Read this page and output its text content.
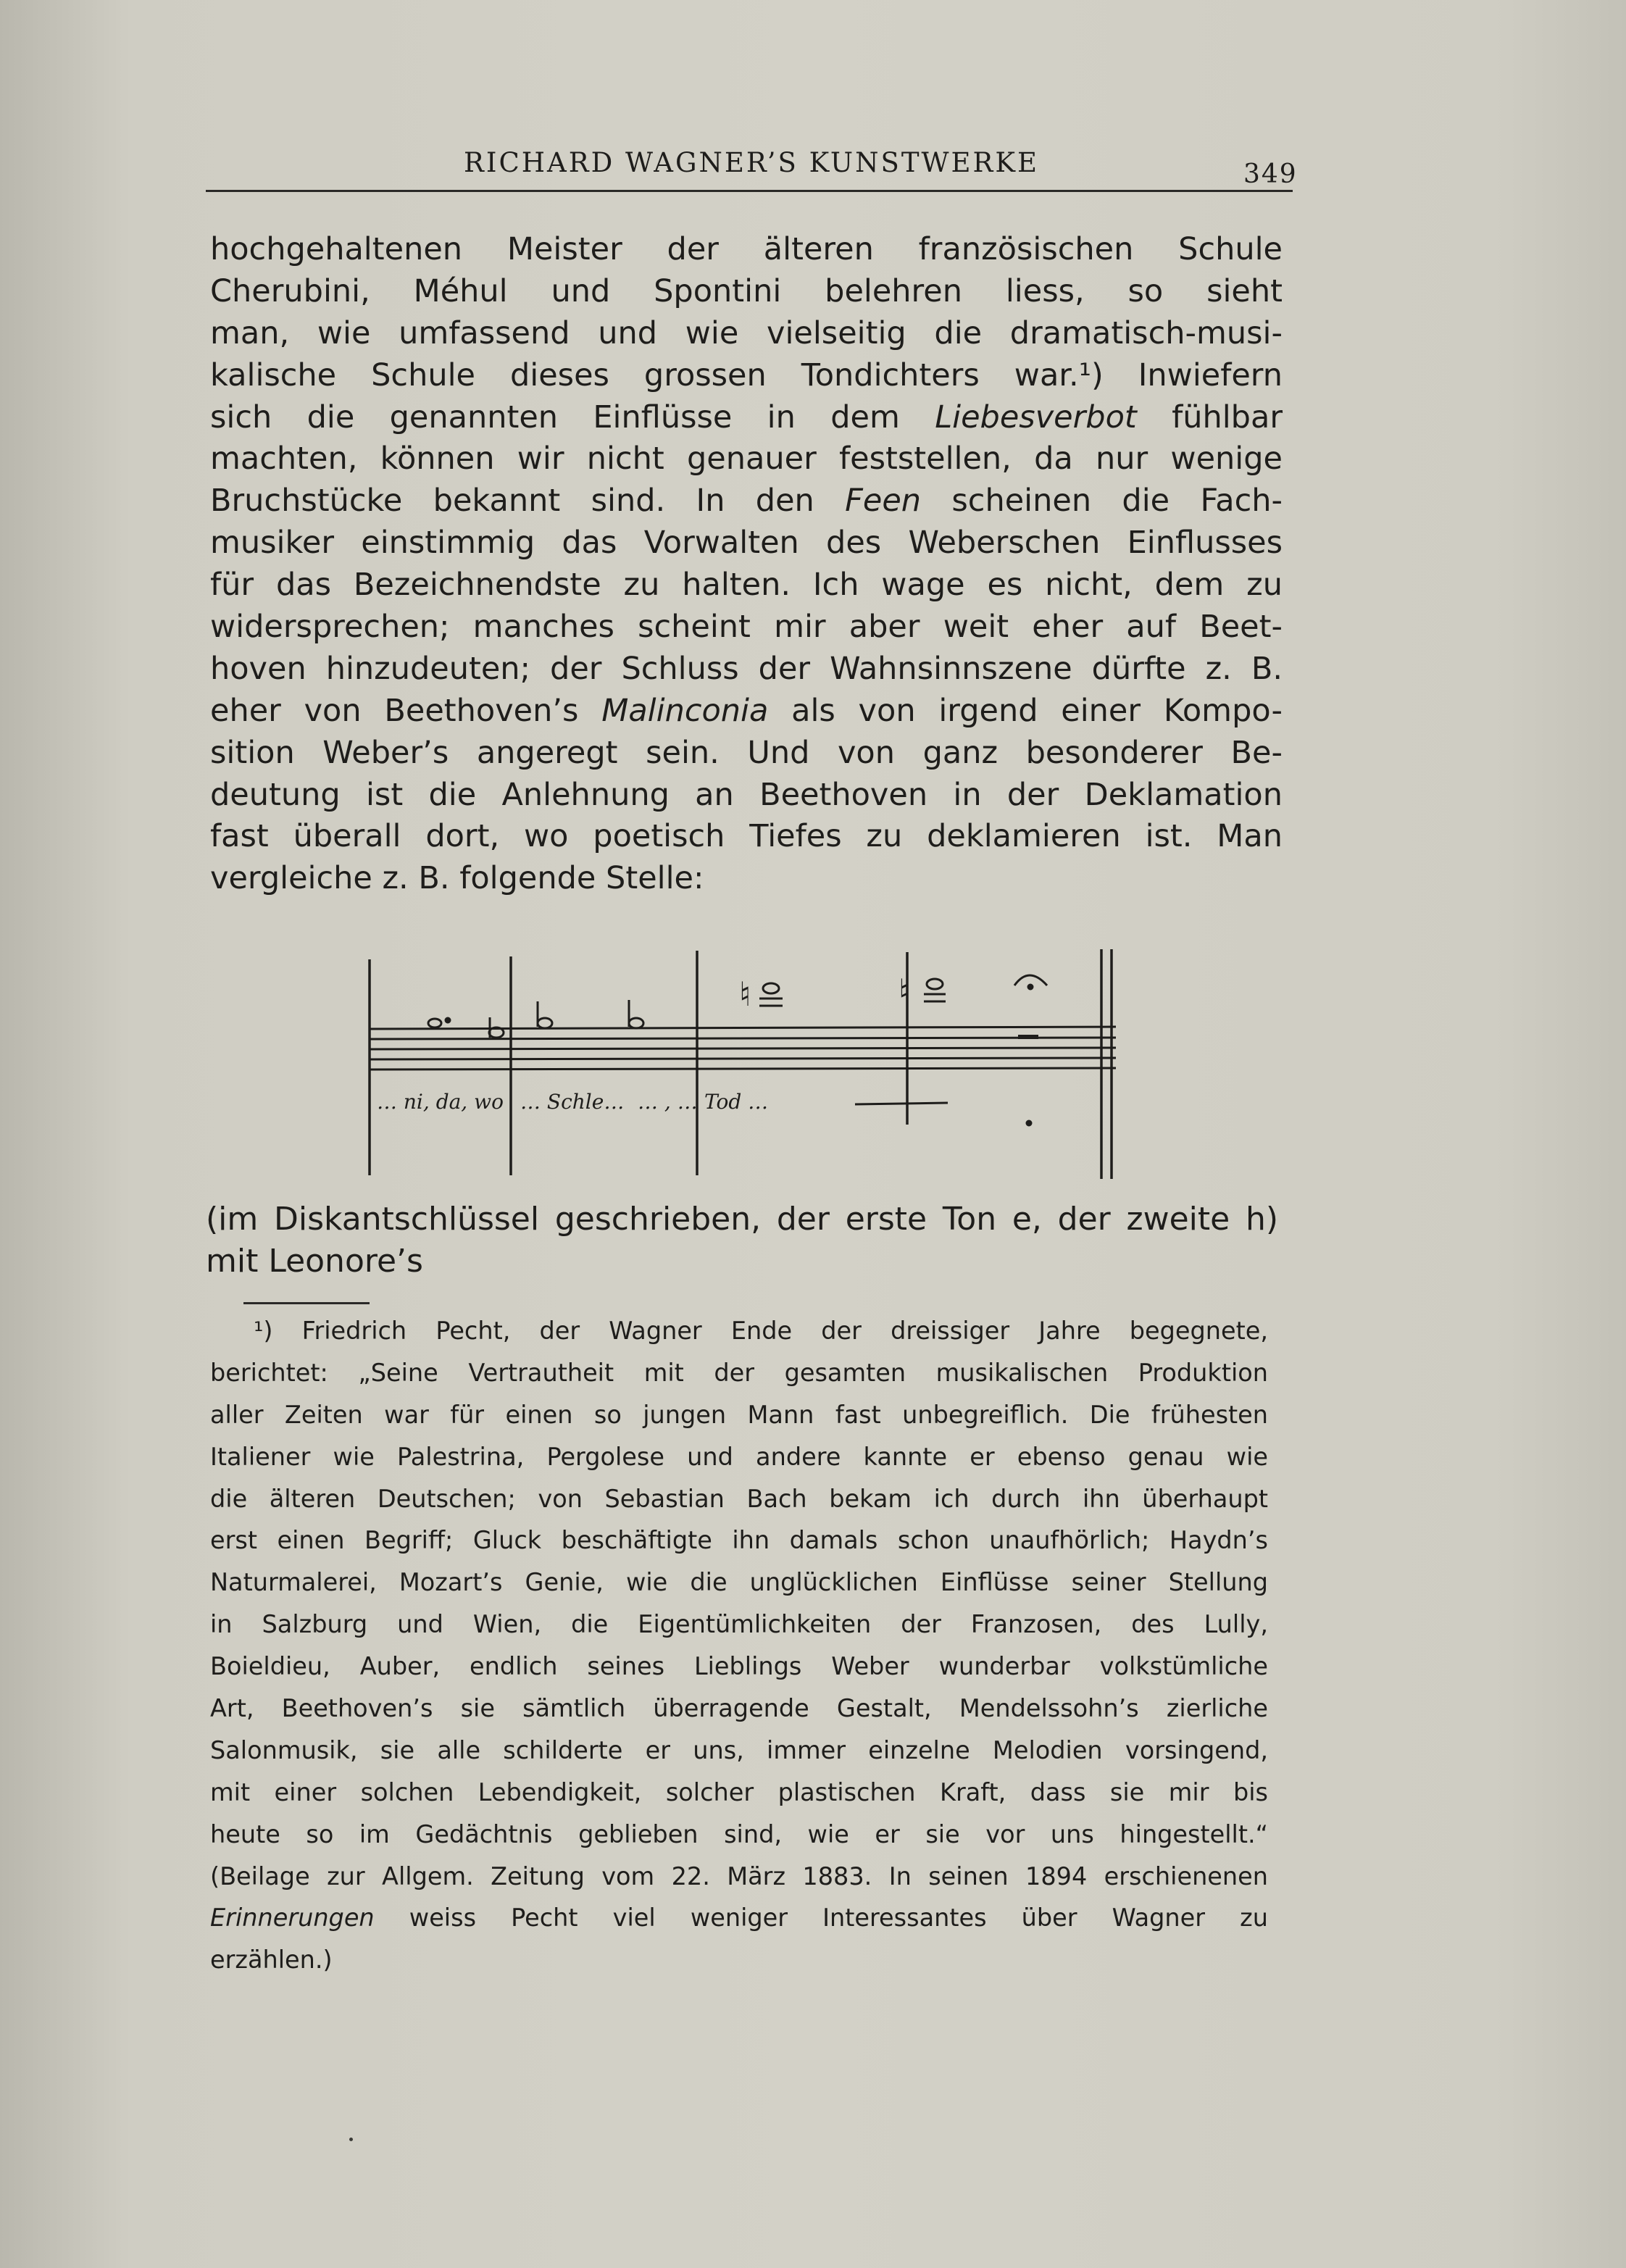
RICHARD WAGNER’S KUNSTWERKE	349
hochgehaltenen Meister der älteren französischen Schule
Cherubini, Méhul und Spontini belehren liess, so sieht
man, wie umfassend und wie vielseitig die dramatisch-musi-
kalische Schule dieses grossen Tondichters war.¹) Inwiefern
sich die genannten Einflüsse in dem Liebesverbot fühlbar
machten, können wir nicht genauer feststellen, da nur wenige
Bruchstücke bekannt sind. In den Feen scheinen die Fach-
musiker einstimmig das Vorwalten des Weberschen Einflusses
für das Bezeichnendste zu halten. Ich wage es nicht, dem zu
widersprechen; manches scheint mir aber weit eher auf Beet-
hoven hinzudeuten; der Schluss der Wahnsinnszene dürfte z. B.
eher von Beethoven’s Malinconia als von irgend einer Kompo-
sition Weber’s angeregt sein. Und von ganz besonderer Be-
deutung ist die Anlehnung an Beethoven in der Deklamation
fast überall dort, wo poetisch Tiefes zu deklamieren ist. Man
vergleiche z. B. folgende Stelle:
♮	♮
… ni, da, wo … Schle… … , … Tod …
(im Diskantschlüssel geschrieben, der erste Ton e, der zweite h)
mit Leonore’s
¹) Friedrich Pecht, der Wagner Ende der dreissiger Jahre begegnete,
berichtet: „Seine Vertrautheit mit der gesamten musikalischen Produktion
aller Zeiten war für einen so jungen Mann fast unbegreiflich. Die frühesten
Italiener wie Palestrina, Pergolese und andere kannte er ebenso genau wie
die älteren Deutschen; von Sebastian Bach bekam ich durch ihn überhaupt
erst einen Begriff; Gluck beschäftigte ihn damals schon unaufhörlich; Haydn’s
Naturmalerei, Mozart’s Genie, wie die unglücklichen Einflüsse seiner Stellung
in Salzburg und Wien, die Eigentümlichkeiten der Franzosen, des Lully,
Boieldieu, Auber, endlich seines Lieblings Weber wunderbar volkstümliche
Art, Beethoven’s sie sämtlich überragende Gestalt, Mendelssohn’s zierliche
Salonmusik, sie alle schilderte er uns, immer einzelne Melodien vorsingend,
mit einer solchen Lebendigkeit, solcher plastischen Kraft, dass sie mir bis
heute so im Gedächtnis geblieben sind, wie er sie vor uns hingestellt.“
(Beilage zur Allgem. Zeitung vom 22. März 1883. In seinen 1894 erschienenen
Erinnerungen weiss Pecht viel weniger Interessantes über Wagner zu
erzählen.)
